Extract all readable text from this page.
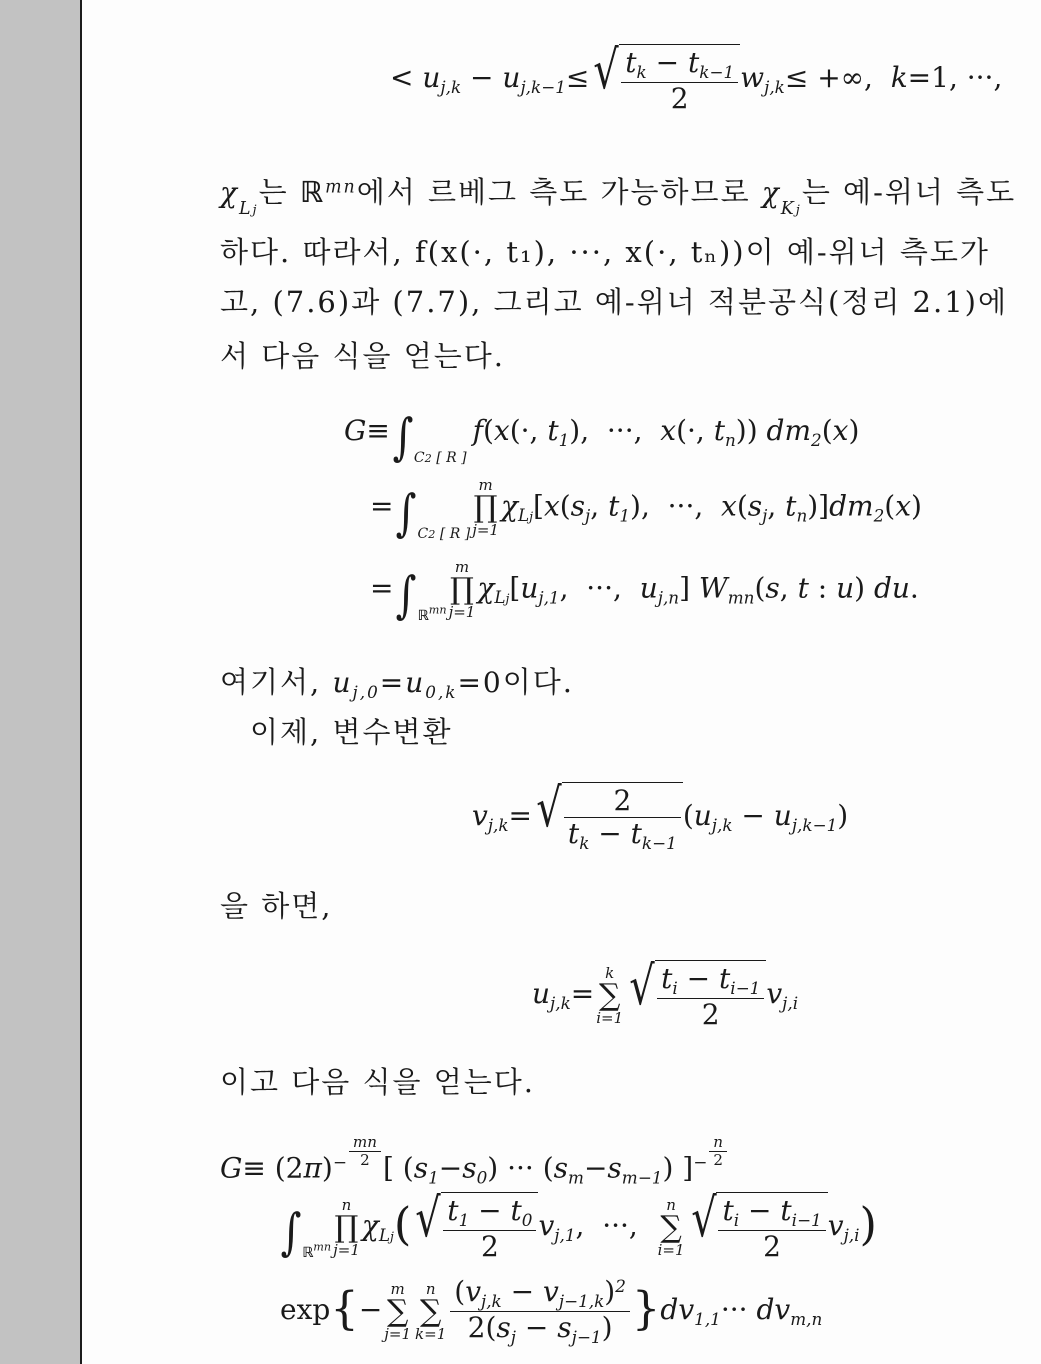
< $u_{j,k} - u_{j,k-1}\le$ √ $\frac{t_k - t_{k-1}}{2} w_{j,k}\le$ +∞,  k=1, ···,
$\chi_{Lj}$는 ℝ$^{mn}$에서 르베그 측도 가능하므로 $\chi_{Kj}$는 예-위너 측도
하다. 따라서, f(x(·, t₁), ···, x(·, tₙ))이 예-위너 측도가
고, (7.6)과 (7.7), 그리고 예-위너 적분공식(정리 2.1)에
서 다음 식을 얻는다.
$G\equiv\int_{C2 [ R ]}f(x(\cdot$, $t_1$),  ···,  x(·, $t_n$)) $dm_2(x)$
$=\int_{C2 [ R ]}$
m
∏
j=1
$\chi_{Lj}[x(s_j$, $t_1$),  ···,  $x(s_j$, $t_n)]dm_2(x)$
$=\int_{ℝ^{mn}}$
m
∏
j=1
$\chi_{Lj}[u_{j,1}$,  ···,  $u_{j,n}$] $W_{mn}(s$, t : u) du.
여기서, $u_{j,0}=u_{0,k}=0$이다.
이제, 변수변환
$v_{j,k}=$ √ $\frac{2}{t_k - t_{k-1}} (u_{j,k} - u_{j,k-1})$
을 하면,
$u_{j,k}=$
k
∑
i=1
√ $\frac{t_i - t_{i-1}}{2} v_{j,i}$
이고 다음 식을 얻는다.
$G\equiv (2\pi)^{- \frac{mn}{2}}$ [ $(s_1-s_0)$ ··· $(s_m-s_{m-1})$ ]$^{- \frac{n}{2}}$
$\int_{ℝ^{mn}}$
n
∏
j=1
$\chi_{Lj}$( √ $\frac{t_1 - t_0}{2} v_{j,1}$,  ···,
n
∑
i=1
√ $\frac{t_i - t_{i-1}}{2} v_{j,i}$)
exp{−
m
∑
j=1
n
∑
$k=1 \frac{(v_{j,k} - v_{j-1,k})^2}{2(s_j - s_{j-1})} \}dv_{1,1}\cdot\cdot\cdot dv_{m,n}$
